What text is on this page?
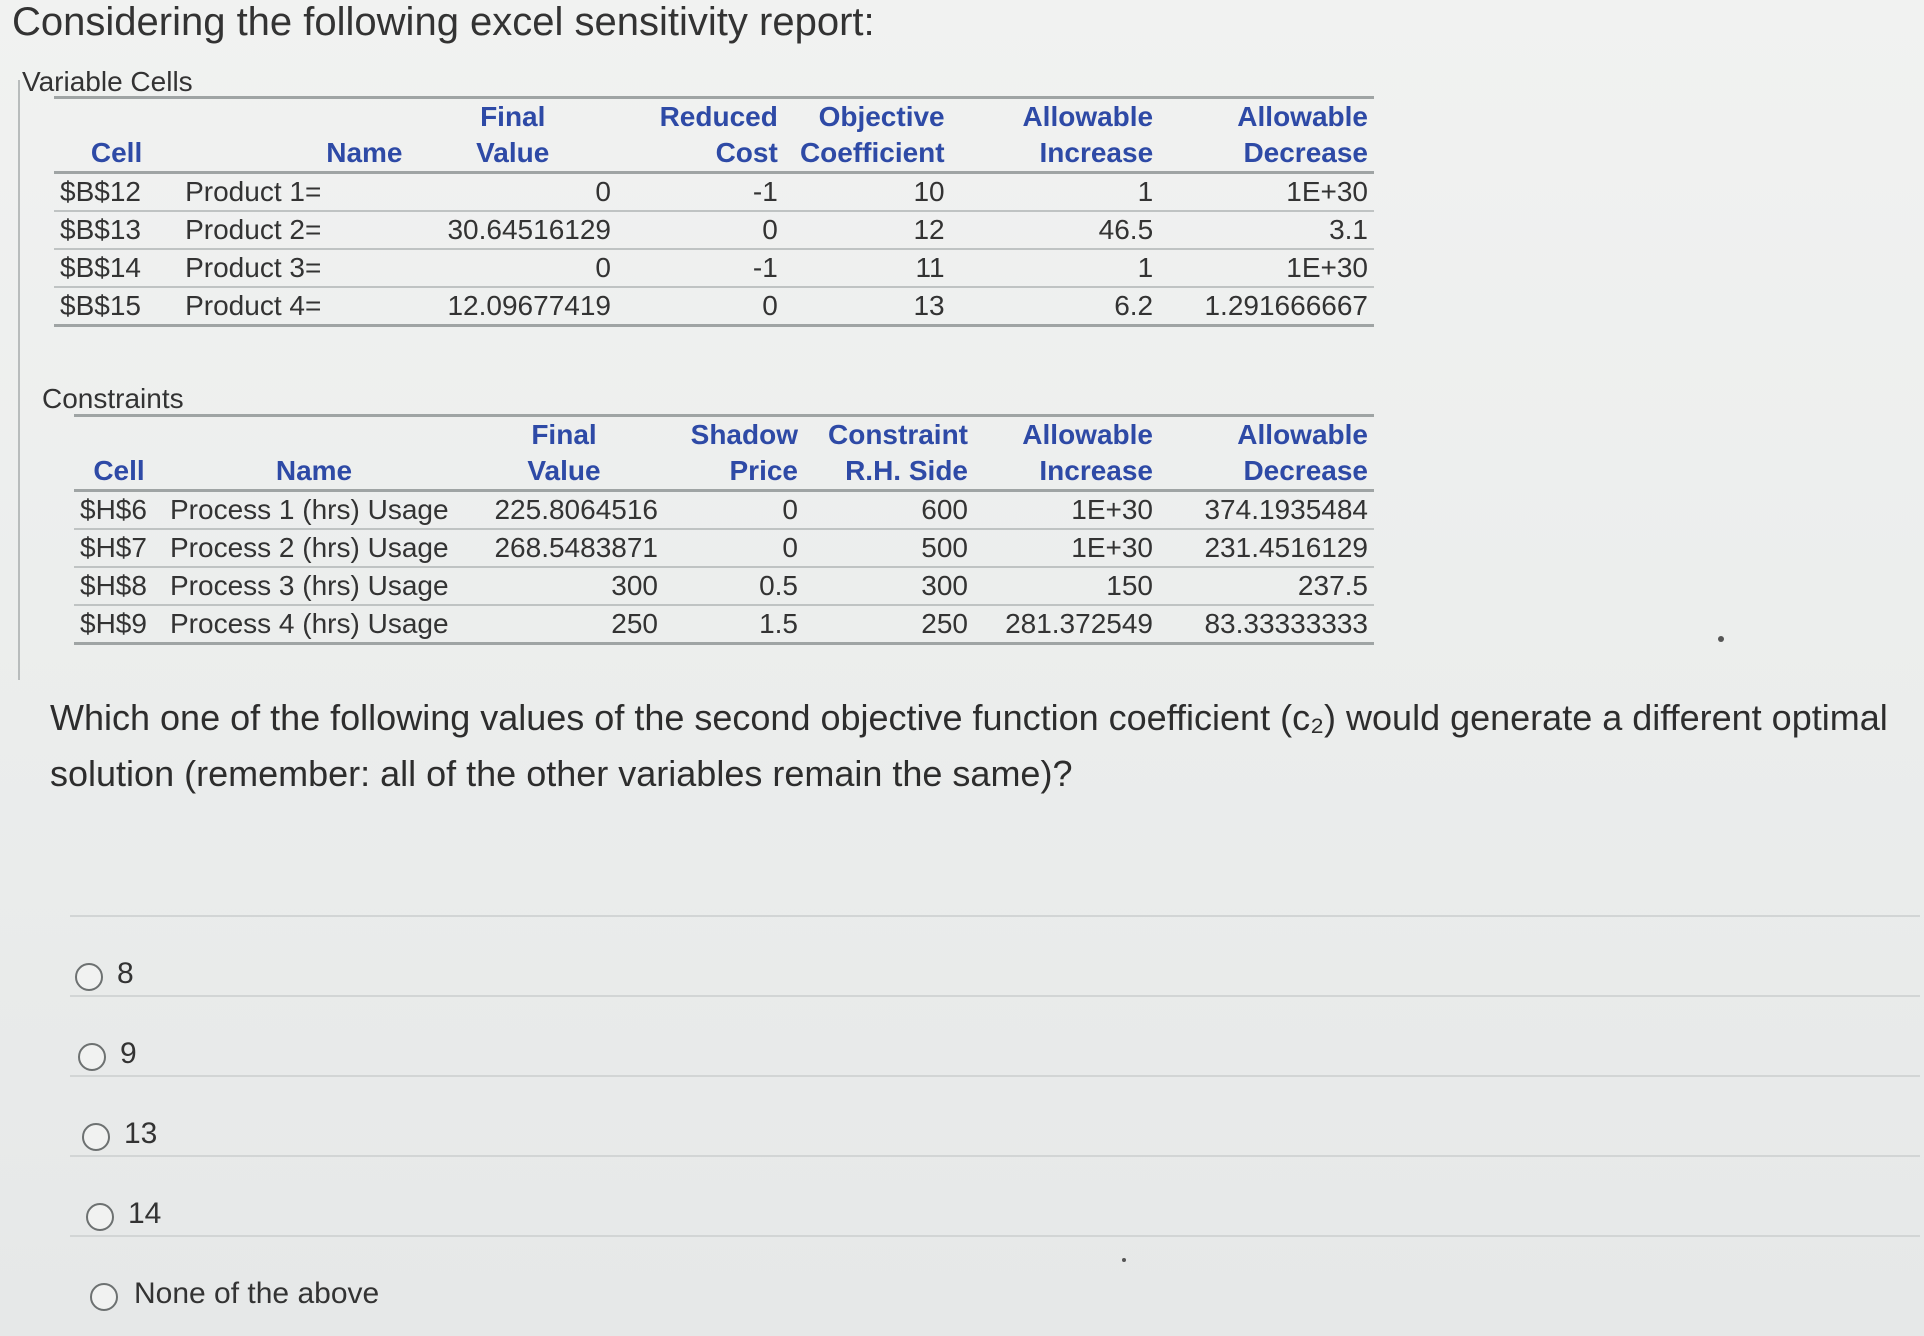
Considering the following excel sensitivity report:
Variable Cells
		Final	Reduced	Objective	Allowable	Allowable
Cell	Name	Value	Cost	Coefficient	Increase	Decrease
$B$12	Product 1=	0	-1	10	1	1E+30
$B$13	Product 2=	30.64516129	0	12	46.5	3.1
$B$14	Product 3=	0	-1	11	1	1E+30
$B$15	Product 4=	12.09677419	0	13	6.2	1.291666667
Constraints
		Final	Shadow	Constraint	Allowable	Allowable
Cell	Name	Value	Price	R.H. Side	Increase	Decrease
$H$6	Process 1 (hrs) Usage	225.8064516	0	600	1E+30	374.1935484
$H$7	Process 2 (hrs) Usage	268.5483871	0	500	1E+30	231.4516129
$H$8	Process 3 (hrs) Usage	300	0.5	300	150	237.5
$H$9	Process 4 (hrs) Usage	250	1.5	250	281.372549	83.33333333
Which one of the following values of the second objective function coefficient (c₂) would generate a different optimal solution (remember: all of the other variables remain the same)?
8
9
13
14
None of the above
